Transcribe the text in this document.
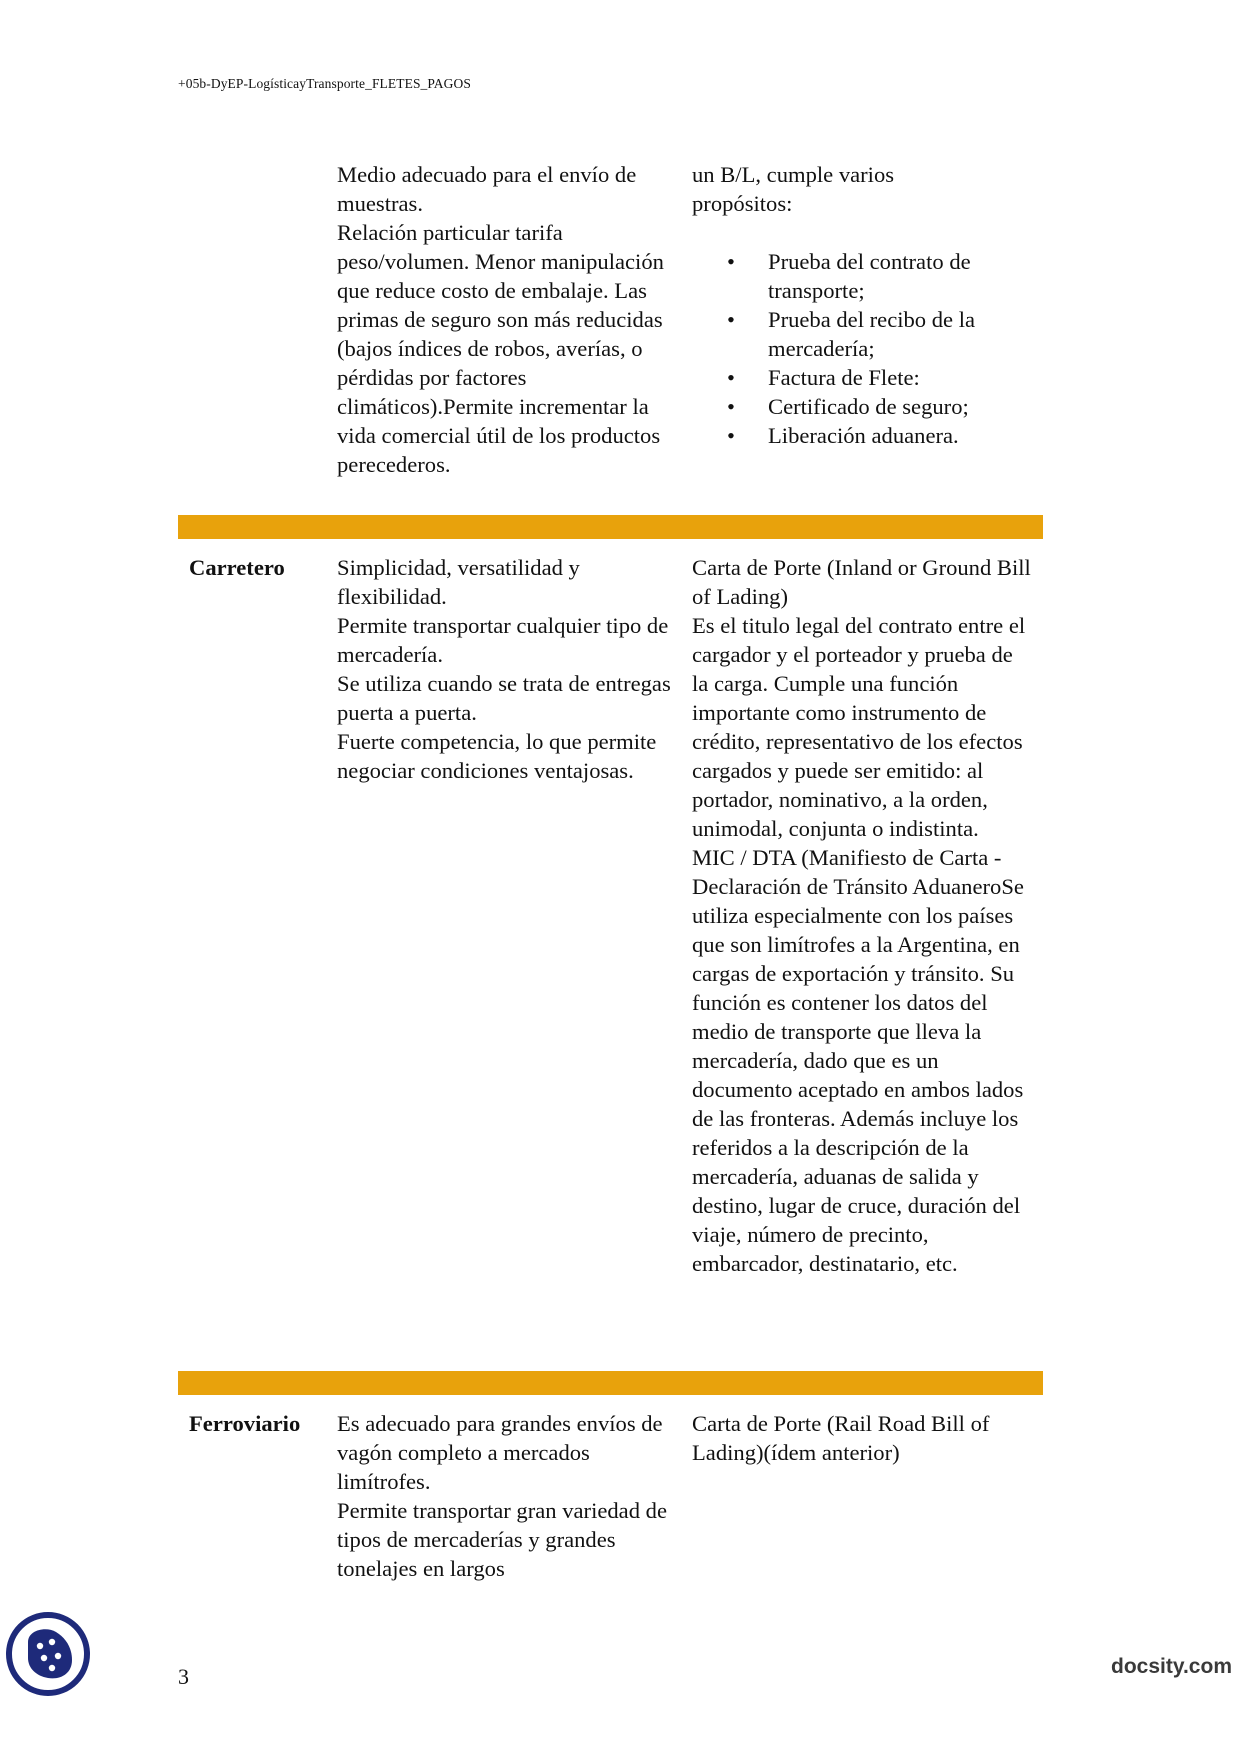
+05b-DyEP-LogísticayTransporte_FLETES_PAGOS

Medio adecuado para el envío de muestras.

Relación particular tarifa peso/volumen. Menor manipulación que reduce costo de embalaje. Las primas de seguro son más reducidas (bajos índices de robos, averías, o pérdidas por factores climáticos).Permite incrementar la vida comercial útil de los productos perecederos.

un B/L, cumple varios propósitos:

• Prueba del contrato de transporte;
• Prueba del recibo de la mercadería;
• Factura de Flete:
• Certificado de seguro;
• Liberación aduanera.
Carretero Simplicidad, versatilidad y flexibilidad.

Permite transportar cualquier tipo de mercadería.

Se utiliza cuando se trata de entregas puerta a puerta.

Fuerte competencia, lo que permite negociar condiciones ventajosas.

Carta de Porte (Inland or Ground Bill of Lading)

Es el titulo legal del contrato entre el cargador y el porteador y prueba de la carga. Cumple una función importante como instrumento de crédito, representativo de los efectos cargados y puede ser emitido: al portador, nominativo, a la orden, unimodal, conjunta o indistinta.

MIC / DTA (Manifiesto de Carta -Declaración de Tránsito AduaneroSe utiliza especialmente con los países que son limítrofes a la Argentina, en cargas de exportación y tránsito. Su función es contener los datos del medio de transporte que lleva la mercadería, dado que es un documento aceptado en ambos lados de las fronteras. Además incluye los referidos a la descripción de la mercadería, aduanas de salida y destino, lugar de cruce, duración del viaje, número de precinto, embarcador, destinatario, etc.

Ferroviario Es adecuado para grandes envíos de vagón completo a mercados limítrofes.

Permite transportar gran variedad de tipos de mercaderías y grandes tonelajes en largos

Carta de Porte (Rail Road Bill of Lading)(ídem anterior)

3	docsity.com
